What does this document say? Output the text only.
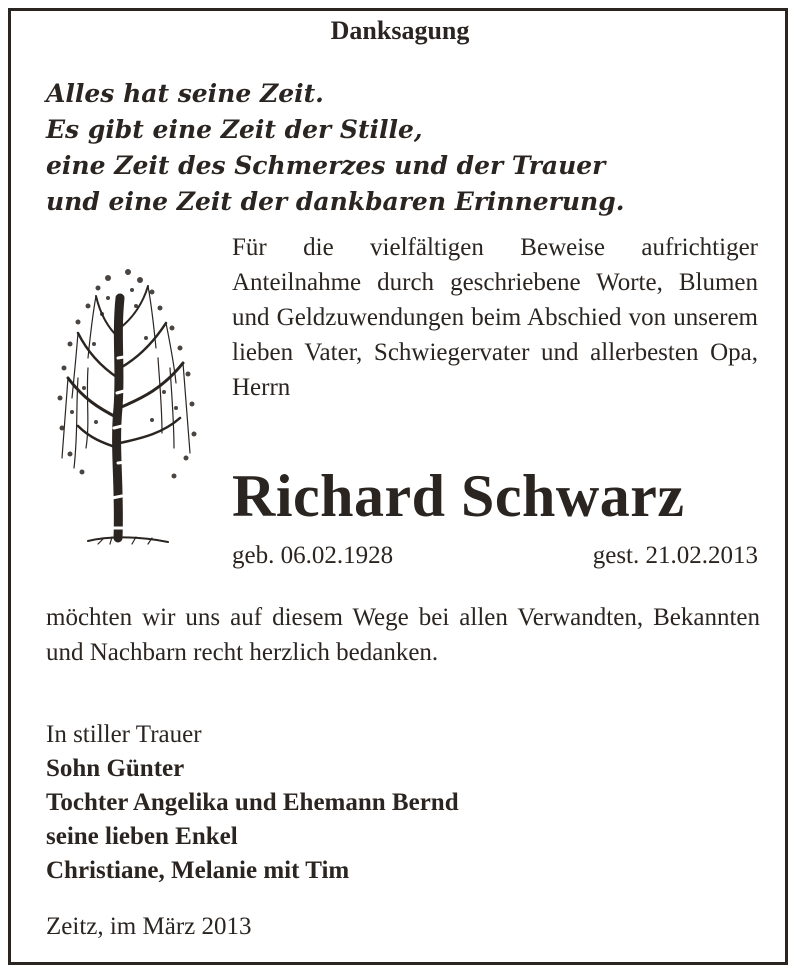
Danksagung
Alles hat seine Zeit.
Es gibt eine Zeit der Stille,
eine Zeit des Schmerzes und der Trauer
und eine Zeit der dankbaren Erinnerung.
Für die vielfältigen Beweise aufrichtiger Anteilnahme durch geschriebene Worte, Blumen und Geldzuwendungen beim Abschied von unserem lieben Vater, Schwiegervater und allerbesten Opa, Herrn
Richard Schwarz
geb. 06.02.1928	gest. 21.02.2013
möchten wir uns auf diesem Wege bei allen Verwandten, Bekannten und Nachbarn recht herzlich bedanken.
In stiller Trauer
Sohn Günter
Tochter Angelika und Ehemann Bernd
seine lieben Enkel
Christiane, Melanie mit Tim
Zeitz, im März 2013
